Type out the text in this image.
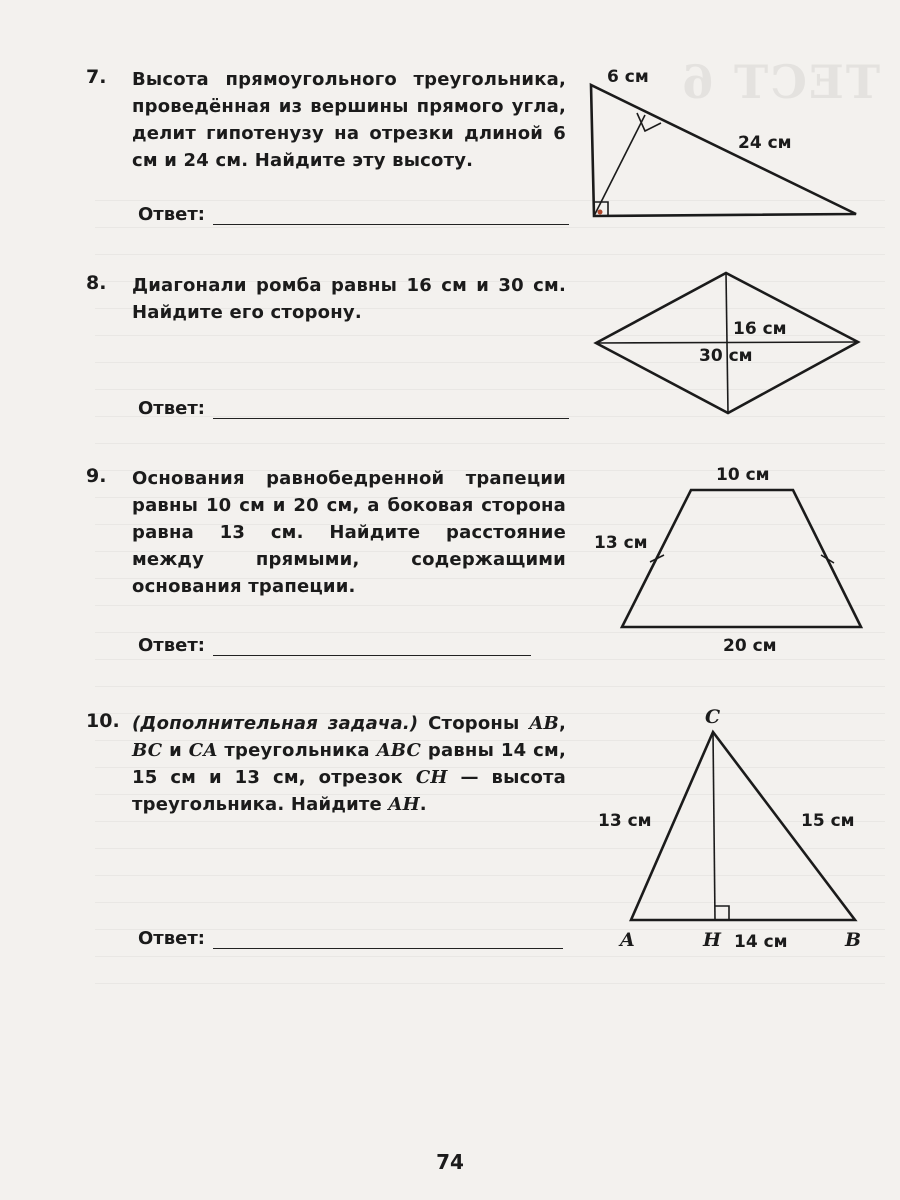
ТЕСТ 6
7. Высота прямоугольного треугольника, проведённая из вершины прямого угла, делит гипотенузу на отрезки длиной 6 см и 24 см. Найдите эту высоту.
Ответ:
8. Диагонали ромба равны 16 см и 30 см. Найдите его сторону.
Ответ:
9. Основания равнобедренной трапеции равны 10 см и 20 см, а боковая сторона равна 13 см. Найдите расстояние между прямыми, содержащими основания трапеции.
Ответ:
10. (Дополнительная задача.) Стороны AB, BC и CA треугольника ABC равны 14 см, 15 см и 13 см, отрезок CH — высота треугольника. Найдите AH.
Ответ:
6 см
24 см
16 см
30 см
10 см
20 см
13 см
C
A	H	B
13 см	15 см
14 см
74
